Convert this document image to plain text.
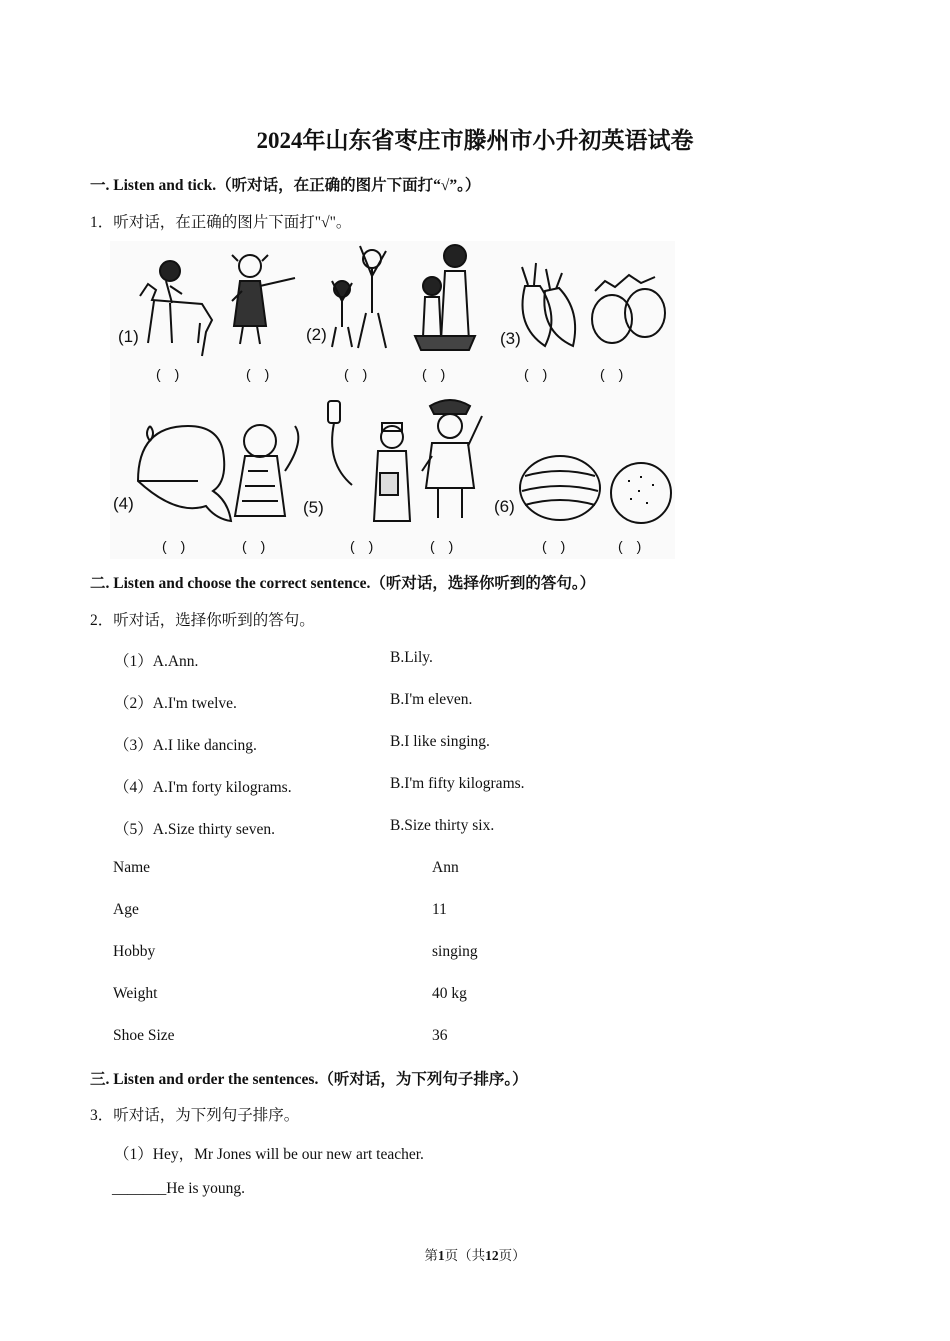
2024年山东省枣庄市滕州市小升初英语试卷
一. Listen and tick.（听对话，在正确的图片下面打“√”。）
1．听对话，在正确的图片下面打"√"。
(1)	(2)	(3)
(　)	(　)	(　)	(　)	(　)	(　)
(4)	(5)	(6)
(　)	(　)	(　)	(　)	(　)	(　)
二. Listen and choose the correct sentence.（听对话，选择你听到的答句。）
2．听对话，选择你听到的答句。
（1）A.Ann.	B.Lily.
（2）A.I'm twelve.	B.I'm eleven.
（3）A.I like dancing.	B.I like singing.
（4）A.I'm forty kilograms.	B.I'm fifty kilograms.
（5）A.Size thirty seven.	B.Size thirty six.
Name	Ann
Age	11
Hobby	singing
Weight	40 kg
Shoe Size	36
三. Listen and order the sentences.（听对话，为下列句子排序。）
3．听对话，为下列句子排序。
（1）Hey，Mr Jones will be our new art teacher.
_______He is young.
第1页（共12页）
